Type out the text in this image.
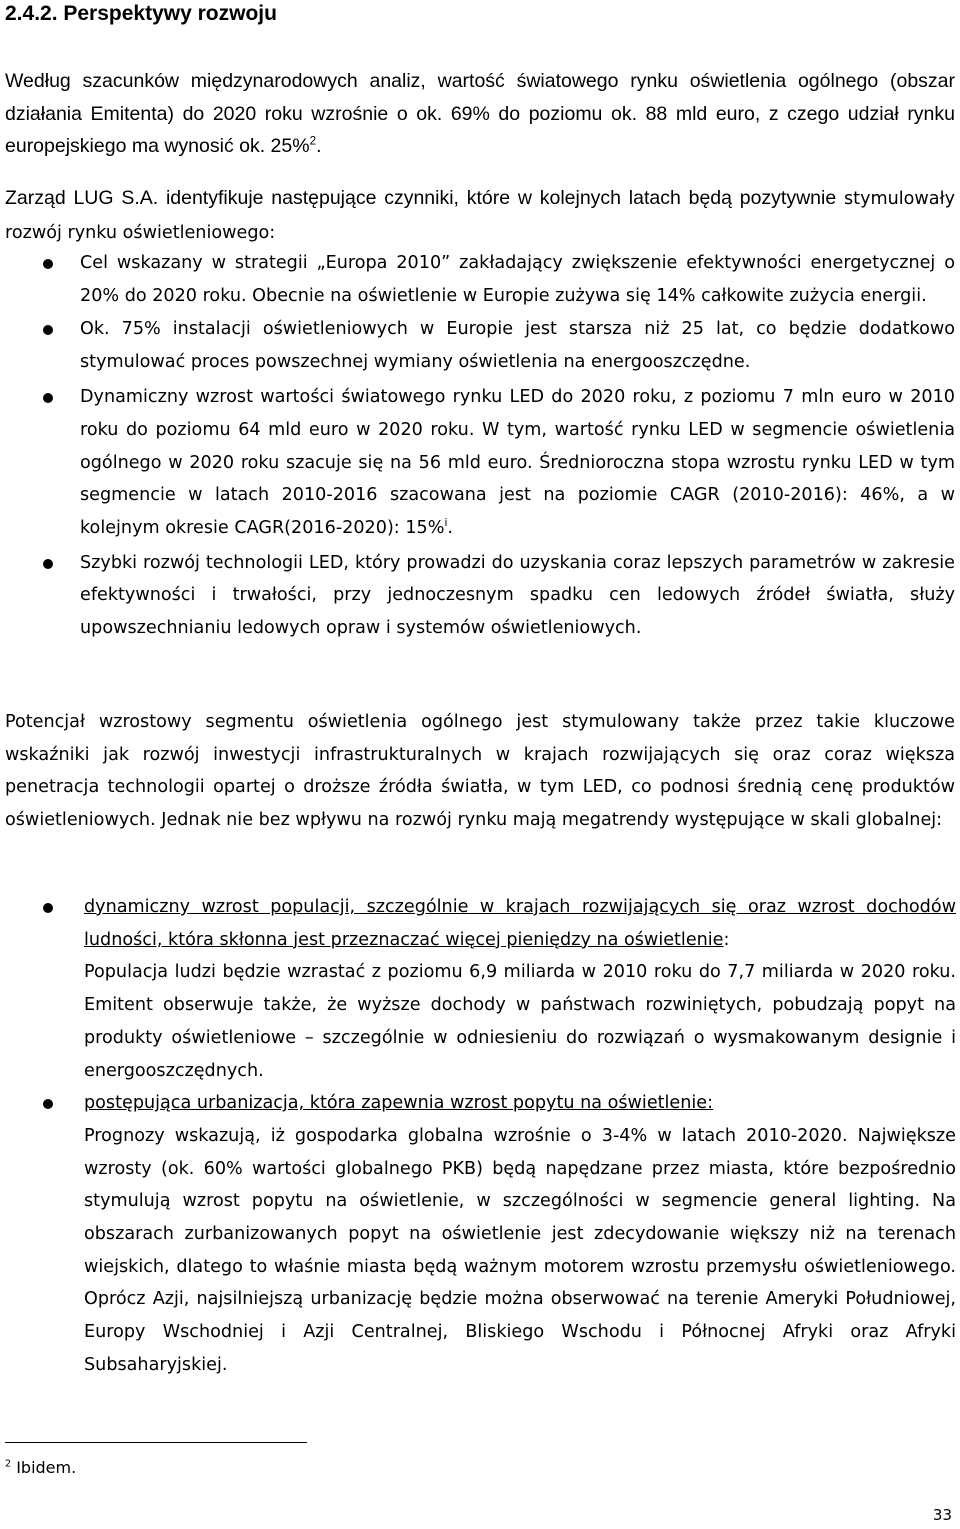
2.4.2. Perspektywy rozwoju

Według szacunków międzynarodowych analiz, wartość światowego rynku oświetlenia ogólnego (obszar działania Emitenta) do 2020 roku wzrośnie o ok. 69% do poziomu ok. 88 mld euro, z czego udział rynku europejskiego ma wynosić ok. 25%$^2$.

Zarząd LUG S.A. identyfikuje następujące czynniki, które w kolejnych latach będą pozytywnie stymulowały rozwój rynku oświetleniowego:

Cel wskazany w strategii „Europa 2010” zakładający zwiększenie efektywności energetycznej o 20% do 2020 roku. Obecnie na oświetlenie w Europie zużywa się 14% całkowite zużycia energii.
Ok. 75% instalacji oświetleniowych w Europie jest starsza niż 25 lat, co będzie dodatkowo stymulować proces powszechnej wymiany oświetlenia na energooszczędne.
Dynamiczny wzrost wartości światowego rynku LED do 2020 roku, z poziomu 7 mln euro w 2010 roku do poziomu 64 mld euro w 2020 roku. W tym, wartość rynku LED w segmencie oświetlenia ogólnego w 2020 roku szacuje się na 56 mld euro. Średnioroczna stopa wzrostu rynku LED w tym segmencie w latach 2010-2016 szacowana jest na poziomie CAGR (2010-2016): 46%, a w kolejnym okresie CAGR(2016-2020): 15%$^i$.
Szybki rozwój technologii LED, który prowadzi do uzyskania coraz lepszych parametrów w zakresie efektywności i trwałości, przy jednoczesnym spadku cen ledowych źródeł światła, służy upowszechnianiu ledowych opraw i systemów oświetleniowych.

Potencjał wzrostowy segmentu oświetlenia ogólnego jest stymulowany także przez takie kluczowe wskaźniki jak rozwój inwestycji infrastrukturalnych w krajach rozwijających się oraz coraz większa penetracja technologii opartej o droższe źródła światła, w tym LED, co podnosi średnią cenę produktów oświetleniowych. Jednak nie bez wpływu na rozwój rynku mają megatrendy występujące w skali globalnej:

dynamiczny wzrost populacji, szczególnie w krajach rozwijających się oraz wzrost dochodów ludności, która skłonna jest przeznaczać więcej pieniędzy na oświetlenie:
Populacja ludzi będzie wzrastać z poziomu 6,9 miliarda w 2010 roku do 7,7 miliarda w 2020 roku. Emitent obserwuje także, że wyższe dochody w państwach rozwiniętych, pobudzają popyt na produkty oświetleniowe – szczególnie w odniesieniu do rozwiązań o wysmakowanym designie i energooszczędnych.
postępująca urbanizacja, która zapewnia wzrost popytu na oświetlenie:
Prognozy wskazują, iż gospodarka globalna wzrośnie o 3-4% w latach 2010-2020. Największe wzrosty (ok. 60% wartości globalnego PKB) będą napędzane przez miasta, które bezpośrednio stymulują wzrost popytu na oświetlenie, w szczególności w segmencie general lighting. Na obszarach zurbanizowanych popyt na oświetlenie jest zdecydowanie większy niż na terenach wiejskich, dlatego to właśnie miasta będą ważnym motorem wzrostu przemysłu oświetleniowego. Oprócz Azji, najsilniejszą urbanizację będzie można obserwować na terenie Ameryki Południowej, Europy Wschodniej i Azji Centralnej, Bliskiego Wschodu i Północnej Afryki oraz Afryki Subsaharyjskiej.

$^2$ Ibidem.

33
